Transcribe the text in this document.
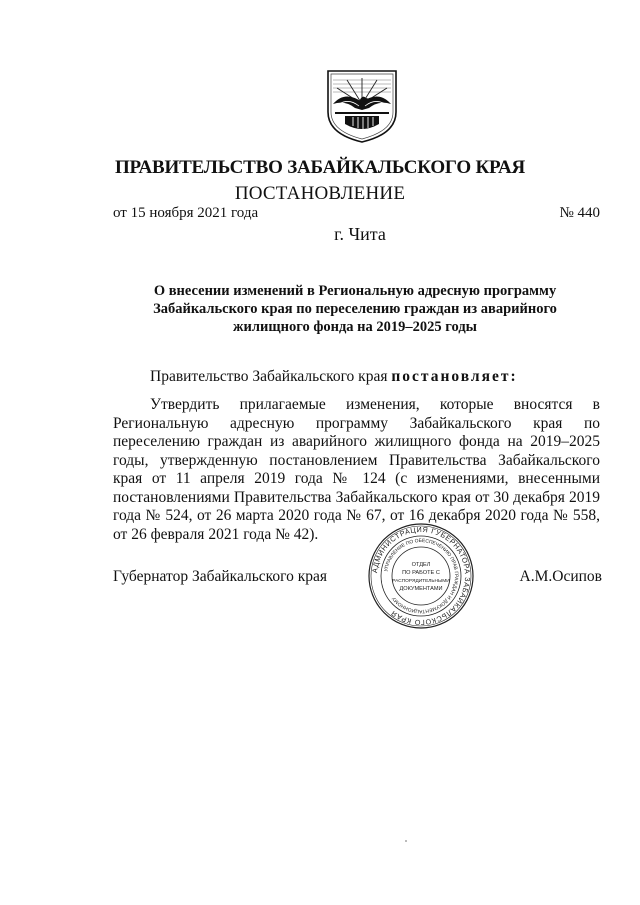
ПРАВИТЕЛЬСТВО ЗАБАЙКАЛЬСКОГО КРАЯ
ПОСТАНОВЛЕНИЕ
от 15 ноября 2021 года	№ 440
г. Чита
О внесении изменений в Региональную адресную программу
Забайкальского края по переселению граждан из аварийного
жилищного фонда на 2019–2025 годы
Правительство Забайкальского края постановляет:
Утвердить прилагаемые изменения, которые вносятся в Региональную адресную программу Забайкальского края по переселению граждан из аварийного жилищного фонда на 2019–2025 годы, утвержденную постановлением Правительства Забайкальского края от 11 апреля 2019 года № 124 (с изменениями, внесенными постановлениями Правительства Забайкальского края от 30 декабря 2019 года № 524, от 26 марта 2020 года № 67, от 16 декабря 2020 года № 558, от 26 февраля 2021 года № 42).
Губернатор Забайкальского края	А.М.Осипов
АДМИНИСТРАЦИЯ ГУБЕРНАТОРА ЗАБАЙКАЛЬСКОГО КРАЯ
УПРАВЛЕНИЕ ПО ОБЕСПЕЧЕНИЮ ПРАВ ГРАЖДАН И ДОКУМЕНТАЦИОННОМУ
ОТДЕЛ
ПО РАБОТЕ С
РАСПОРЯДИТЕЛЬНЫМИ
ДОКУМЕНТАМИ
